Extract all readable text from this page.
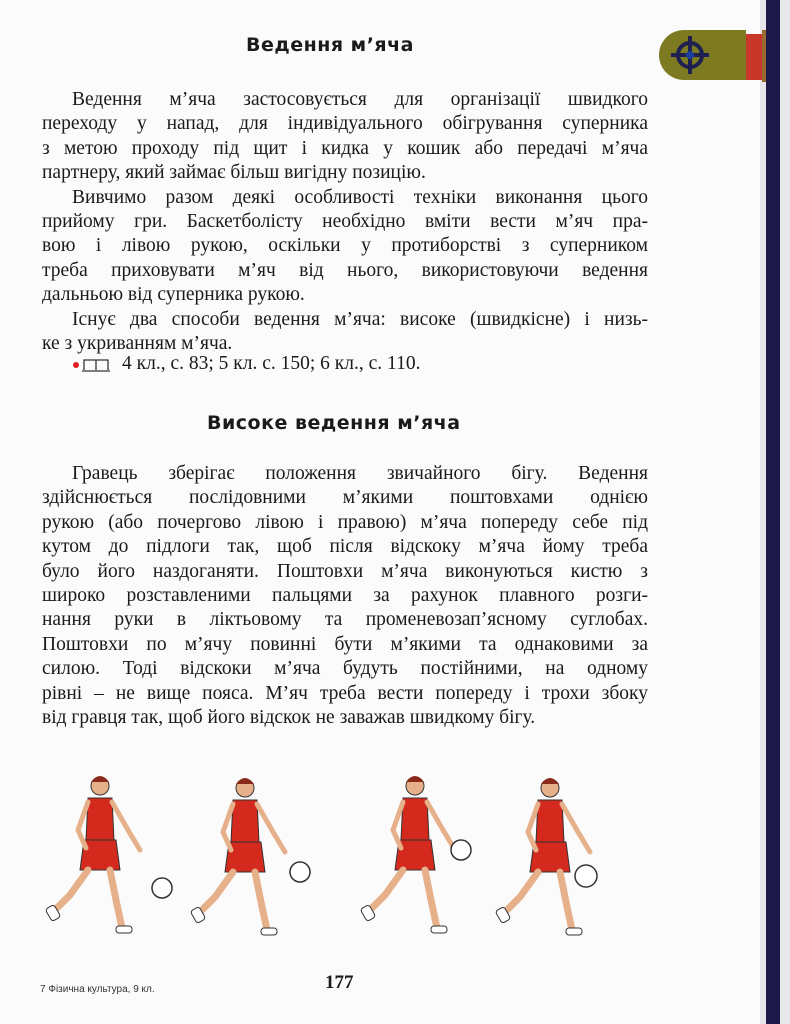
Ведення м’яча
Ведення м’яча застосовується для організації швидкого
переходу у напад, для індивідуального обігрування суперника
з метою проходу під щит і кидка у кошик або передачі м’яча
партнеру, який займає більш вигідну позицію.
Вивчимо разом деякі особливості техніки виконання цього
прийому гри. Баскетболісту необхідно вміти вести м’яч пра-
вою і лівою рукою, оскільки у протиборстві з суперником
треба приховувати м’яч від нього, використовуючи ведення
дальньою від суперника рукою.
Існує два способи ведення м’яча: високе (швидкісне) і низь-
ке з укриванням м’яча.
4 кл., с. 83; 5 кл. с. 150; 6 кл., с. 110.
Високе ведення м’яча
Гравець зберігає положення звичайного бігу. Ведення
здійснюється послідовними м’якими поштовхами однією
рукою (або почергово лівою і правою) м’яча попереду себе під
кутом до підлоги так, щоб після відскоку м’яча йому треба
було його наздоганяти. Поштовхи м’яча виконуються кистю з
широко розставленими пальцями за рахунок плавного розги-
нання руки в ліктьовому та променевозап’ясному суглобах.
Поштовхи по м’ячу повинні бути м’якими та однаковими за
силою. Тоді відскоки м’яча будуть постійними, на одному
рівні – не вище пояса. М’яч треба вести попереду і трохи збоку
від гравця так, щоб його відскок не заважав швидкому бігу.
7 Фізична культура, 9 кл.	177
